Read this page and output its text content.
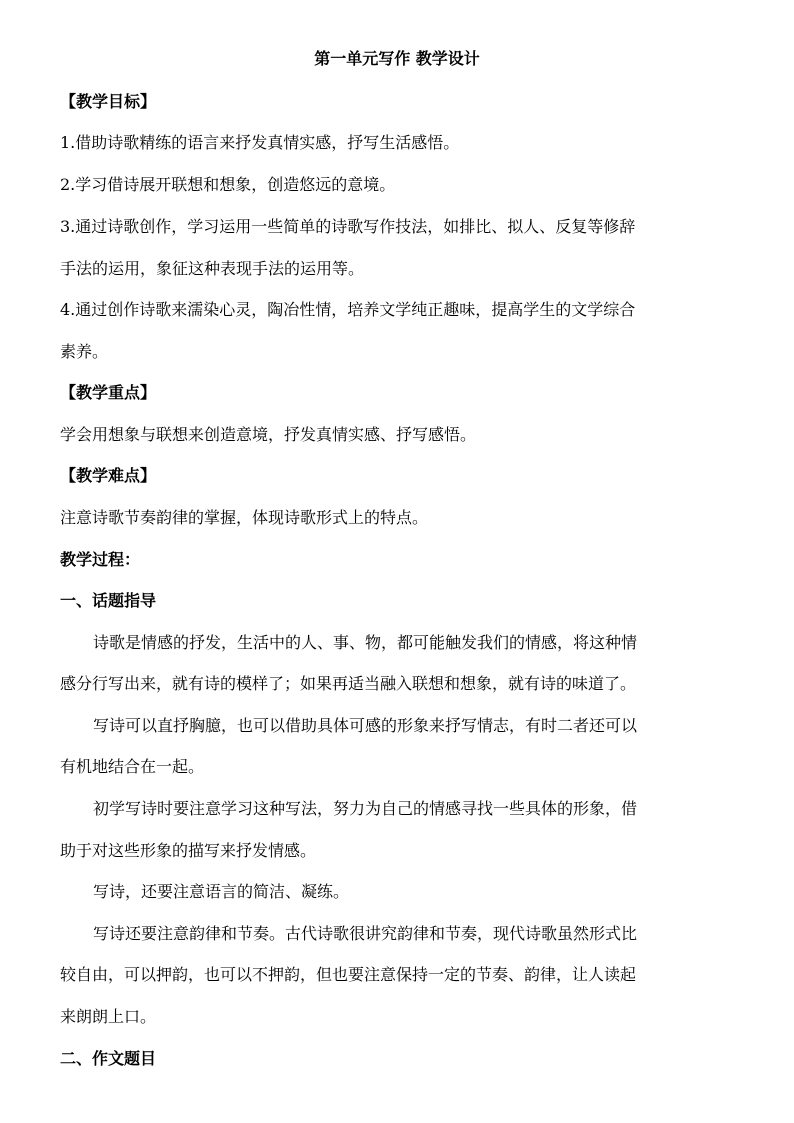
第一单元写作 教学设计
【教学目标】
1.借助诗歌精练的语言来抒发真情实感，抒写生活感悟。
2.学习借诗展开联想和想象，创造悠远的意境。
3.通过诗歌创作，学习运用一些简单的诗歌写作技法，如排比、拟人、反复等修辞
手法的运用，象征这种表现手法的运用等。
4.通过创作诗歌来濡染心灵，陶冶性情，培养文学纯正趣味，提高学生的文学综合
素养。
【教学重点】
学会用想象与联想来创造意境，抒发真情实感、抒写感悟。
【教学难点】
注意诗歌节奏韵律的掌握，体现诗歌形式上的特点。
教学过程：
一、话题指导
诗歌是情感的抒发，生活中的人、事、物，都可能触发我们的情感，将这种情
感分行写出来，就有诗的模样了；如果再适当融入联想和想象，就有诗的味道了。
写诗可以直抒胸臆，也可以借助具体可感的形象来抒写情志，有时二者还可以
有机地结合在一起。
初学写诗时要注意学习这种写法，努力为自己的情感寻找一些具体的形象，借
助于对这些形象的描写来抒发情感。
写诗，还要注意语言的简洁、凝练。
写诗还要注意韵律和节奏。古代诗歌很讲究韵律和节奏，现代诗歌虽然形式比
较自由，可以押韵，也可以不押韵，但也要注意保持一定的节奏、韵律，让人读起
来朗朗上口。
二、作文题目
